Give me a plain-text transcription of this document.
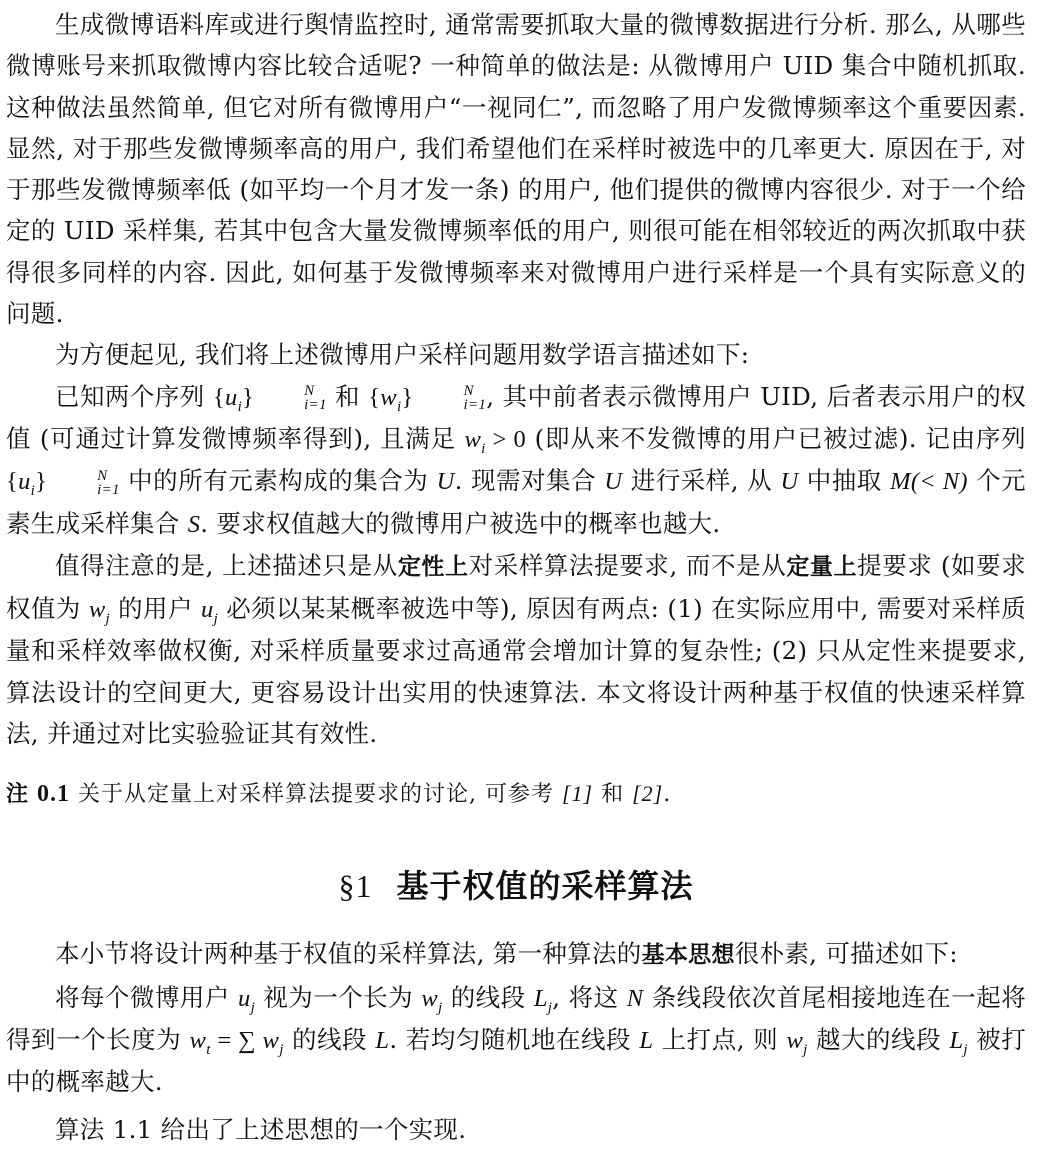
生成微博语料库或进行舆情监控时, 通常需要抓取大量的微博数据进行分析. 那么, 从哪些微博账号来抓取微博内容比较合适呢? 一种简单的做法是: 从微博用户 UID 集合中随机抓取. 这种做法虽然简单, 但它对所有微博用户“一视同仁”, 而忽略了用户发微博频率这个重要因素. 显然, 对于那些发微博频率高的用户, 我们希望他们在采样时被选中的几率更大. 原因在于, 对于那些发微博频率低 (如平均一个月才发一条) 的用户, 他们提供的微博内容很少. 对于一个给定的 UID 采样集, 若其中包含大量发微博频率低的用户, 则很可能在相邻较近的两次抓取中获得很多同样的内容. 因此, 如何基于发微博频率来对微博用户进行采样是一个具有实际意义的问题.

为方便起见, 我们将上述微博用户采样问题用数学语言描述如下:

已知两个序列 $\{u_i\}$	N
i=1 和 $\{w_i\}$	N
i=1 , 其中前者表示微博用户 UID, 后者表示用户的权值 (可通过计算发微博频率得到), 且满足 $w_i > 0$ (即从来不发微博的用户已被过滤). 记由序列 $\{u_i\}$	N
i=1 中的所有元素构成的集合为 U. 现需对集合 U 进行采样, 从 U 中抽取 M(< N) 个元素生成采样集合 S. 要求权值越大的微博用户被选中的概率也越大.

值得注意的是, 上述描述只是从定性上对采样算法提要求, 而不是从定量上提要求 (如要求权值为 $w_j$ 的用户 $u_j$ 必须以某某概率被选中等), 原因有两点: (1) 在实际应用中, 需要对采样质量和采样效率做权衡, 对采样质量要求过高通常会增加计算的复杂性; (2) 只从定性来提要求, 算法设计的空间更大, 更容易设计出实用的快速算法. 本文将设计两种基于权值的快速采样算法, 并通过对比实验验证其有效性.

注 0.1 关于从定量上对采样算法提要求的讨论, 可参考 [1] 和 [2].
§1 基于权值的采样算法

本小节将设计两种基于权值的采样算法, 第一种算法的基本思想很朴素, 可描述如下:

将每个微博用户 $u_j$ 视为一个长为 $w_j$ 的线段 $L_j$, 将这 N 条线段依次首尾相接地连在一起将得到一个长度为 $w_t$ = ∑ $w_j$ 的线段 L. 若均匀随机地在线段 L 上打点, 则 $w_j$ 越大的线段 $L_j$ 被打中的概率越大.

算法 1.1 给出了上述思想的一个实现.
